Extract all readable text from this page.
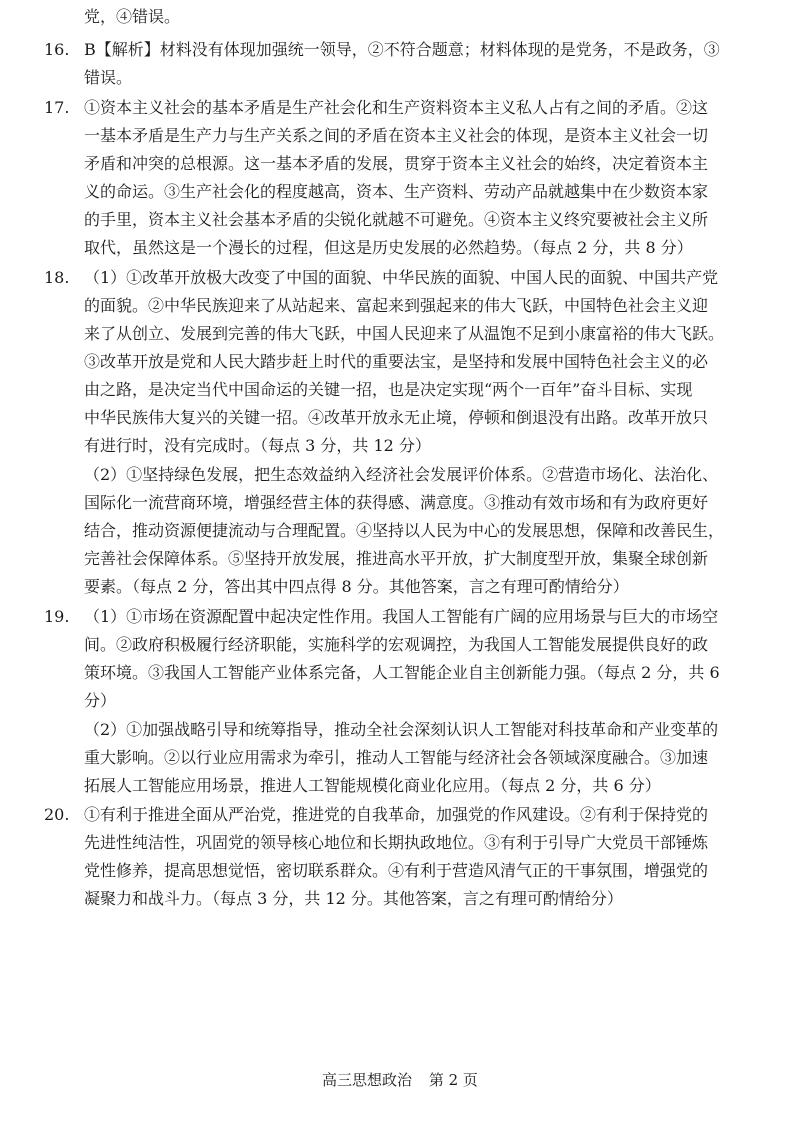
党，④错误。
16. B【解析】材料没有体现加强统一领导，②不符合题意；材料体现的是党务，不是政务，③
错误。
17. ①资本主义社会的基本矛盾是生产社会化和生产资料资本主义私人占有之间的矛盾。②这
一基本矛盾是生产力与生产关系之间的矛盾在资本主义社会的体现，是资本主义社会一切
矛盾和冲突的总根源。这一基本矛盾的发展，贯穿于资本主义社会的始终，决定着资本主
义的命运。③生产社会化的程度越高，资本、生产资料、劳动产品就越集中在少数资本家
的手里，资本主义社会基本矛盾的尖锐化就越不可避免。④资本主义终究要被社会主义所
取代，虽然这是一个漫长的过程，但这是历史发展的必然趋势。（每点 2 分，共 8 分）
18. （1）①改革开放极大改变了中国的面貌、中华民族的面貌、中国人民的面貌、中国共产党
的面貌。②中华民族迎来了从站起来、富起来到强起来的伟大飞跃，中国特色社会主义迎
来了从创立、发展到完善的伟大飞跃，中国人民迎来了从温饱不足到小康富裕的伟大飞跃。
③改革开放是党和人民大踏步赶上时代的重要法宝，是坚持和发展中国特色社会主义的必
由之路，是决定当代中国命运的关键一招，也是决定实现“两个一百年”奋斗目标、实现
中华民族伟大复兴的关键一招。④改革开放永无止境，停顿和倒退没有出路。改革开放只
有进行时，没有完成时。（每点 3 分，共 12 分）
（2）①坚持绿色发展，把生态效益纳入经济社会发展评价体系。②营造市场化、法治化、
国际化一流营商环境，增强经营主体的获得感、满意度。③推动有效市场和有为政府更好
结合，推动资源便捷流动与合理配置。④坚持以人民为中心的发展思想，保障和改善民生，
完善社会保障体系。⑤坚持开放发展，推进高水平开放，扩大制度型开放，集聚全球创新
要素。（每点 2 分，答出其中四点得 8 分。其他答案，言之有理可酌情给分）
19. （1）①市场在资源配置中起决定性作用。我国人工智能有广阔的应用场景与巨大的市场空
间。②政府积极履行经济职能，实施科学的宏观调控，为我国人工智能发展提供良好的政
策环境。③我国人工智能产业体系完备，人工智能企业自主创新能力强。（每点 2 分，共 6
分）
（2）①加强战略引导和统筹指导，推动全社会深刻认识人工智能对科技革命和产业变革的
重大影响。②以行业应用需求为牵引，推动人工智能与经济社会各领域深度融合。③加速
拓展人工智能应用场景，推进人工智能规模化商业化应用。（每点 2 分，共 6 分）
20. ①有利于推进全面从严治党，推进党的自我革命，加强党的作风建设。②有利于保持党的
先进性纯洁性，巩固党的领导核心地位和长期执政地位。③有利于引导广大党员干部锤炼
党性修养，提高思想觉悟，密切联系群众。④有利于营造风清气正的干事氛围，增强党的
凝聚力和战斗力。（每点 3 分，共 12 分。其他答案，言之有理可酌情给分）
高三思想政治 第 2 页
